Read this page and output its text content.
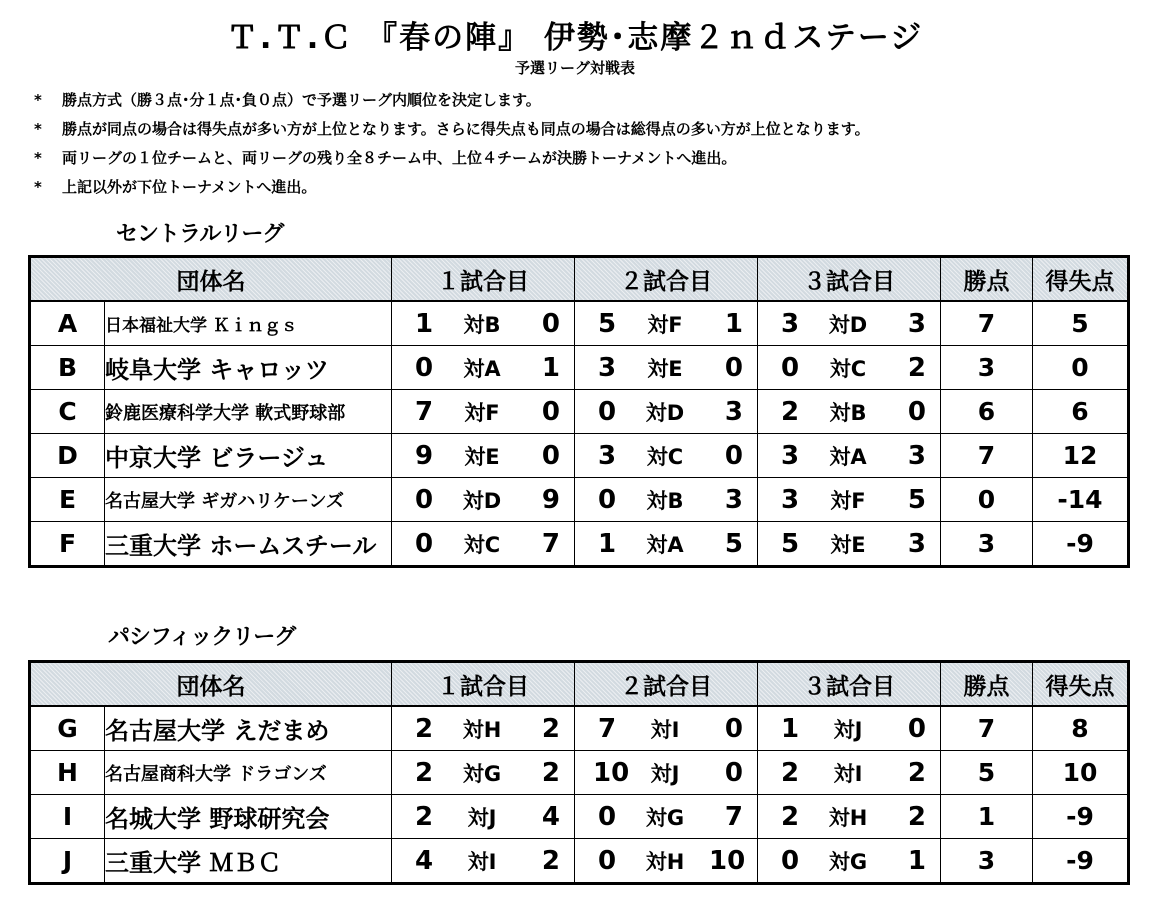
Ｔ.Ｔ.Ｃ 『春の陣』 伊勢･志摩２ｎｄステージ
予選リーグ対戦表
* 勝点方式（勝３点･分１点･負０点）で予選リーグ内順位を決定します。
* 勝点が同点の場合は得失点が多い方が上位となります。さらに得失点も同点の場合は総得点の多い方が上位となります。
* 両リーグの１位チームと、両リーグの残り全８チーム中、上位４チームが決勝トーナメントへ進出。
* 上記以外が下位トーナメントへ進出。
セントラルリーグ
団体名		１試合目	２試合目	３試合目	勝点	得失点
A	日本福祉大学 Ｋｉｎｇｓ	1 対B 0	5 対F 1	3 対D 3	7	5
B	岐阜大学 キャロッツ	0 対A 1	3 対E 0	0 対C 2	3	0
C	鈴鹿医療科学大学 軟式野球部	7 対F 0	0 対D 3	2 対B 0	6	6
D	中京大学 ビラージュ	9 対E 0	3 対C 0	3 対A 3	7	12
E	名古屋大学 ギガハリケーンズ	0 対D 9	0 対B 3	3 対F 5	0	-14
F	三重大学 ホームスチール	0 対C 7	1 対A 5	5 対E 3	3	-9
パシフィックリーグ
団体名		１試合目	２試合目	３試合目	勝点	得失点
G	名古屋大学 えだまめ	2 対H 2	7 対I 0	1 対J 0	7	8
H	名古屋商科大学 ドラゴンズ	2 対G 2	10 対J 0	2 対I 2	5	10
I	名城大学 野球研究会	2 対J 4	0 対G 7	2 対H 2	1	-9
J	三重大学 ＭＢＣ	4 対I 2	0 対H 10	0 対G 1	3	-9
